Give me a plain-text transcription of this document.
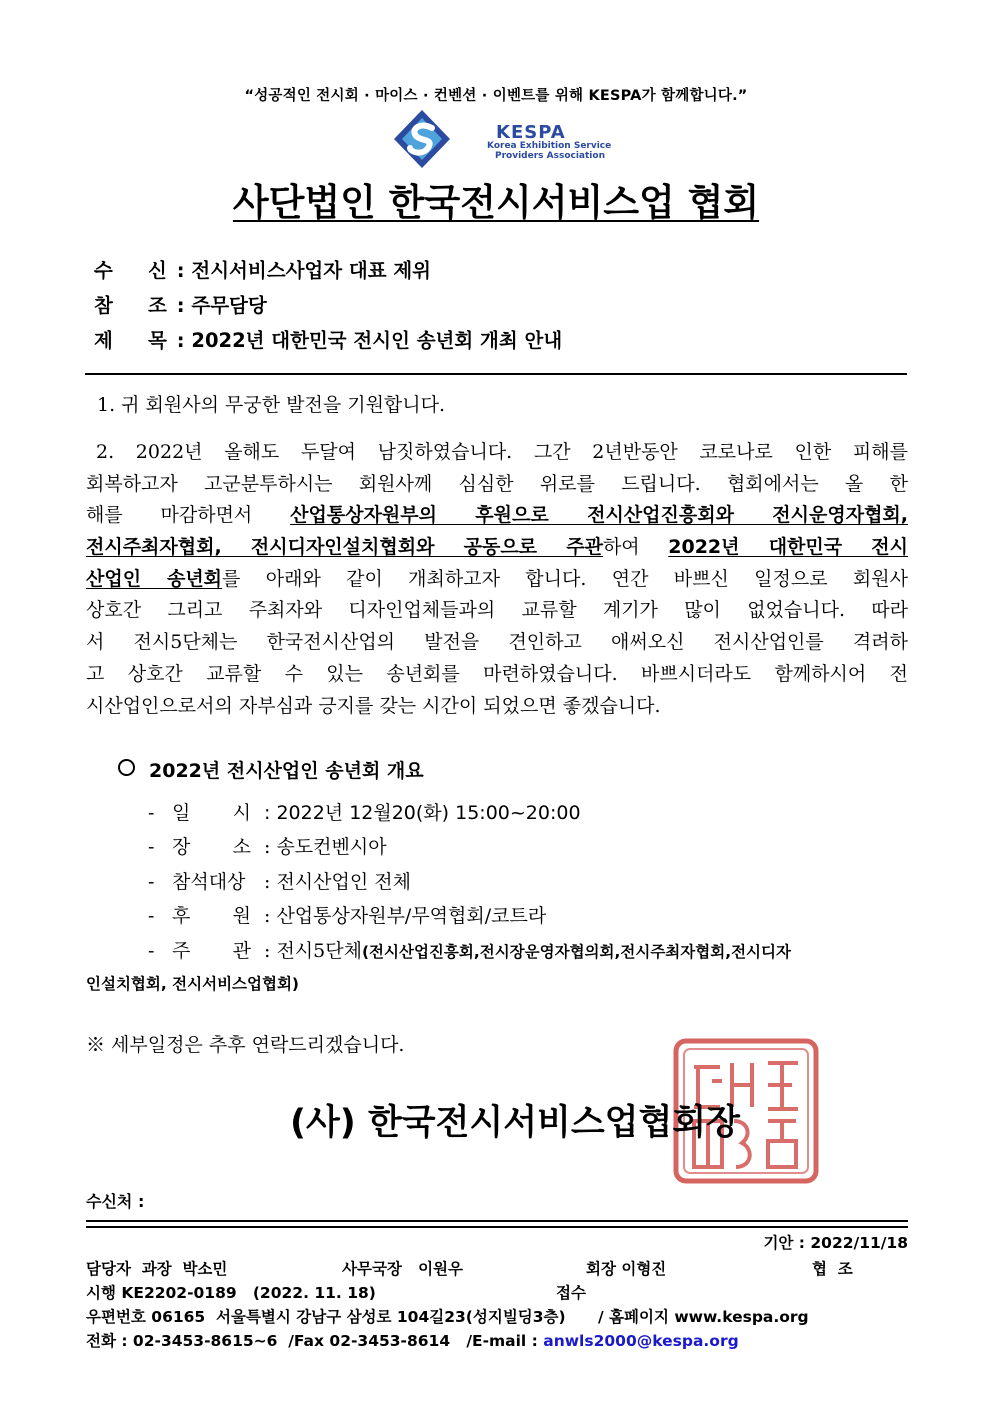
“성공적인 전시회 · 마이스 · 컨벤션 · 이벤트를 위해 KESPA가 함께합니다.”
KESPA
Korea Exhibition Service
Providers Association
사단법인 한국전시서비스업 협회
수 신 : 전시서비스사업자 대표 제위
참 조 : 주무담당
제 목 : 2022년 대한민국 전시인 송년회 개최 안내
1. 귀 회원사의 무궁한 발전을 기원합니다.
2. 2022년 올해도 두달여 남짓하였습니다. 그간 2년반동안 코로나로 인한 피해를
회복하고자 고군분투하시는 회원사께 심심한 위로를 드립니다. 협회에서는 올 한
해를 마감하면서 산업통상자원부의 후원으로 전시산업진흥회와 전시운영자협회,
전시주최자협회, 전시디자인설치협회와 공동으로 주관하여 2022년 대한민국 전시
산업인 송년회를 아래와 같이 개최하고자 합니다. 연간 바쁘신 일정으로 회원사
상호간 그리고 주최자와 디자인업체들과의 교류할 계기가 많이 없었습니다. 따라
서 전시5단체는 한국전시산업의 발전을 견인하고 애써오신 전시산업인를 격려하
고 상호간 교류할 수 있는 송년회를 마련하였습니다. 바쁘시더라도 함께하시어 전
시산업인으로서의 자부심과 긍지를 갖는 시간이 되었으면 좋겠습니다.
2022년 전시산업인 송년회 개요
- 일       시 : 2022년 12월20(화) 15:00~20:00
- 장       소 : 송도컨벤시아
- 참석대상 : 전시산업인 전체
- 후       원 : 산업통상자원부/무역협회/코트라
- 주       관 : 전시5단체(전시산업진흥회,전시장운영자협의회,전시주최자협회,전시디자
인설치협회, 전시서비스업협회)
※ 세부일정은 추후 연락드리겠습니다.
(사) 한국전시서비스업협회장
수신처 :
기안 : 2022/11/18
담당자  과장  박소민	사무국장   이원우	회장 이형진	협  조
시행 KE2202-0189   (2022. 11. 18)	접수
우편번호 06165  서울특별시 강남구 삼성로 104길23(성지빌딩3층)      / 홈페이지 www.kespa.org
전화 : 02-3453-8615~6  /Fax 02-3453-8614   /E-mail : anwls2000@kespa.org
